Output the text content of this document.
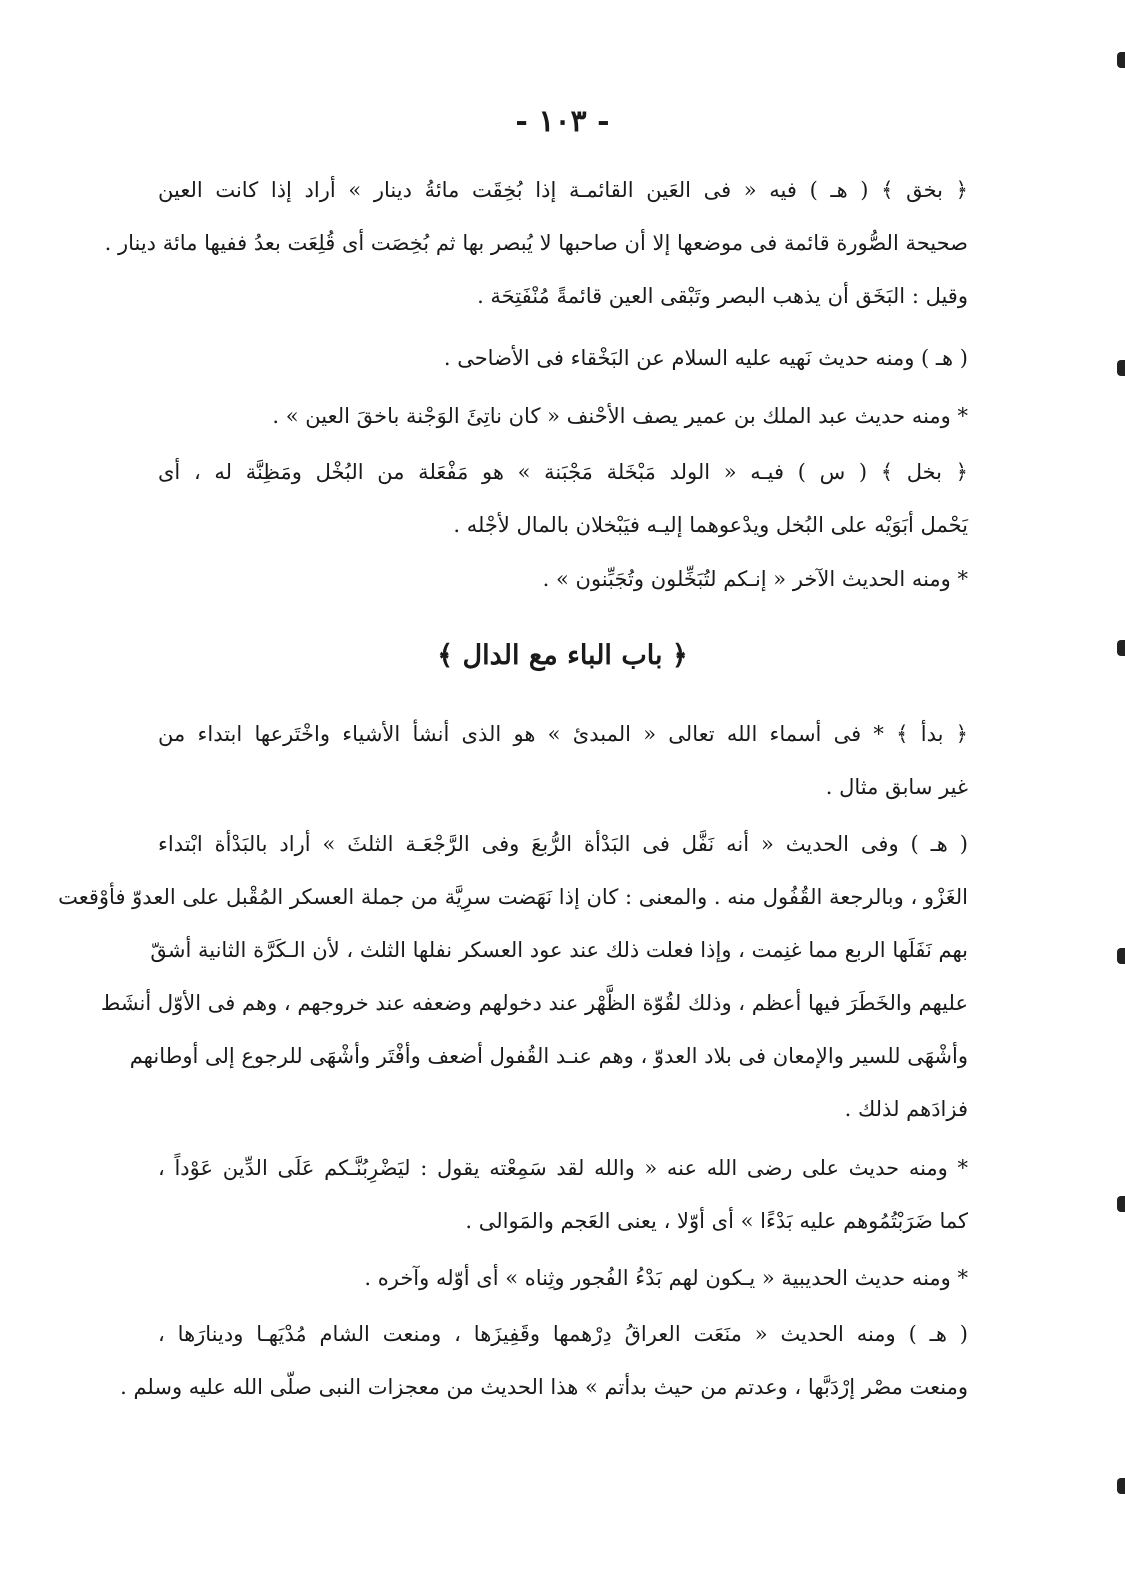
- ١٠٣ -
﴿ بخق ﴾ ( هـ ) فيه « فى العَين القائمـة إذا بُخِقَت مائةُ دينار » أراد إذا كانت العين
صحيحة الصُّورة قائمة فى موضعها إلا أن صاحبها لا يُبصر بها ثم بُخِصَت أى قُلِعَت بعدُ ففيها مائة دينار .
وقيل : البَخَق أن يذهب البصر وتَبْقى العين قائمةً مُنْفَتِحَة .
( هـ ) ومنه حديث نَهيه عليه السلام عن البَخْقاء فى الأضاحى .
* ومنه حديث عبد الملك بن عمير يصف الأحْنف « كان ناتِئَ الوَجْنة باخقَ العين » .
﴿ بخل ﴾ ( س ) فيـه « الولد مَبْخَلة مَجْبَنة » هو مَفْعَلة من البُخْل ومَظِنَّة له ، أى
يَحْمل أبَوَيْه على البُخل ويدْعوهما إليـه فيَبْخلان بالمال لأجْله .
* ومنه الحديث الآخر « إنـكم لتُبَخِّلون وتُجَبِّنون » .
﴿ باب الباء مع الدال ﴾
﴿ بدأ ﴾ * فى أسماء الله تعالى « المبدئ » هو الذى أنشأ الأشياء واخْتَرعها ابتداء من
غير سابق مثال .
( هـ ) وفى الحديث « أنه نَفَّل فى البَدْأة الرُّبعَ وفى الرَّجْعَـة الثلثَ » أراد بالبَدْأة ابْتداء
الغَزْو ، وبالرجعة القُفُول منه . والمعنى : كان إذا نَهَضت سرِيَّة من جملة العسكر المُقْبل على العدوّ فأوْقعت
بهم نَفَلَها الربع مما غنِمت ، وإذا فعلت ذلك عند عود العسكر نفلها الثلث ، لأن الـكَرَّة الثانية أشقّ
عليهم والخَطَرَ فيها أعظم ، وذلك لقُوّة الظَّهْر عند دخولهم وضعفه عند خروجهم ، وهم فى الأوّل أنشَط
وأشْهَى للسير والإمعان فى بلاد العدوّ ، وهم عنـد القُفول أضعف وأفْتَر وأشْهَى للرجوع إلى أوطانهم
فزادَهم لذلك .
* ومنه حديث على رضى الله عنه « والله لقد سَمِعْته يقول : ليَضْرِبُنَّـكم عَلَى الدِّين عَوْداً ،
كما ضَرَبْتُمُوهم عليه بَدْءًا » أى أوّلا ، يعنى العَجم والمَوالى .
* ومنه حديث الحديبية « يـكون لهم بَدْءُ الفُجور وثِناه » أى أوّله وآخره .
( هـ ) ومنه الحديث « منَعَت العراقُ دِرْهمها وقَفِيزَها ، ومنعت الشام مُدْيَهـا ودينارَها ،
ومنعت مصْر إرْدَبَّها ، وعدتم من حيث بدأتم » هذا الحديث من معجزات النبى صلّى الله عليه وسلم .
